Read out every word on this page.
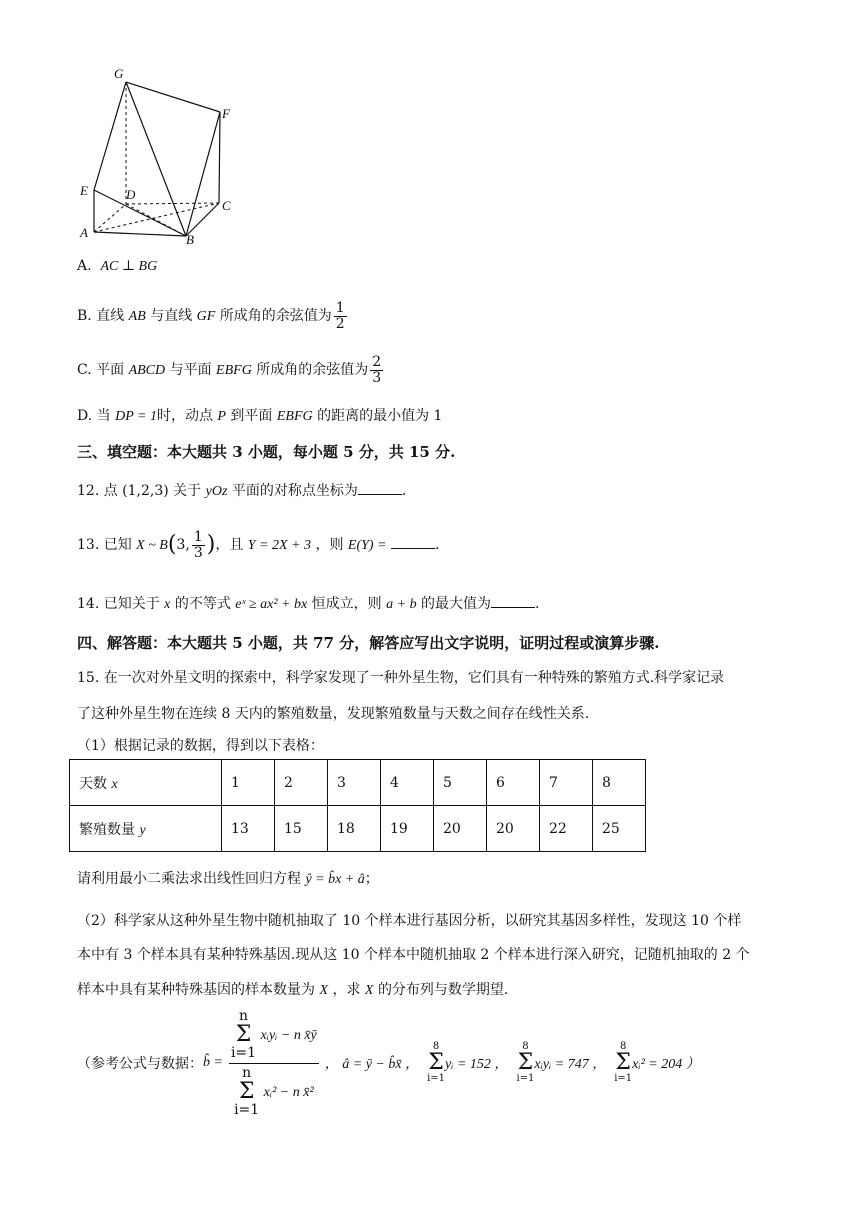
G
F
E	D
C
A	B
A. AC ⊥ BG
B. 直线 AB 与直线 GF 所成角的余弦值为 $\frac{1}{2}$
C. 平面 ABCD 与平面 EBFG 所成角的余弦值为 $\frac{2}{3}$
D. 当 DP = 1时，动点 P 到平面 EBFG 的距离的最小值为 1
三、填空题：本大题共 3 小题，每小题 5 分，共 15 分.
12. 点 (1,2,3) 关于 yOz 平面的对称点坐标为	.
13. 已知 X ~ B(3, $\frac{1}{3}$ )，且 Y = 2X + 3 ，则 E(Y) =	.
14. 已知关于 x 的不等式 eˣ ≥ ax² + bx 恒成立，则 a + b 的最大值为	.
四、解答题：本大题共 5 小题，共 77 分，解答应写出文字说明，证明过程或演算步骤.
15. 在一次对外星文明的探索中，科学家发现了一种外星生物，它们具有一种特殊的繁殖方式.科学家记录
了这种外星生物在连续 8 天内的繁殖数量，发现繁殖数量与天数之间存在线性关系.
（1）根据记录的数据，得到以下表格：
天数 x	1	2	3	4	5	6	7	8
繁殖数量 y	13	15	18	19	20	20	22	25
请利用最小二乘法求出线性回归方程 ŷ = b̂x + â；
（2）科学家从这种外星生物中随机抽取了 10 个样本进行基因分析，以研究其基因多样性，发现这 10 个样
本中有 3 个样本具有某种特殊基因.现从这 10 个样本中随机抽取 2 个样本进行深入研究，记随机抽取的 2 个
样本中具有某种特殊基因的样本数量为 X ，求 X 的分布列与数学期望.
（参考公式与数据： b̂ = n
Σ
i=1
xᵢyᵢ − n x̄ȳ
n
Σ
i=1
xᵢ² − n x̄² ， â = ȳ − b̂x̄ ，
8
Σ
i=1
yᵢ = 152 ，
8
Σ
i=1
xᵢyᵢ = 747 ，
8
Σ
i=1
xᵢ² = 204 ）
